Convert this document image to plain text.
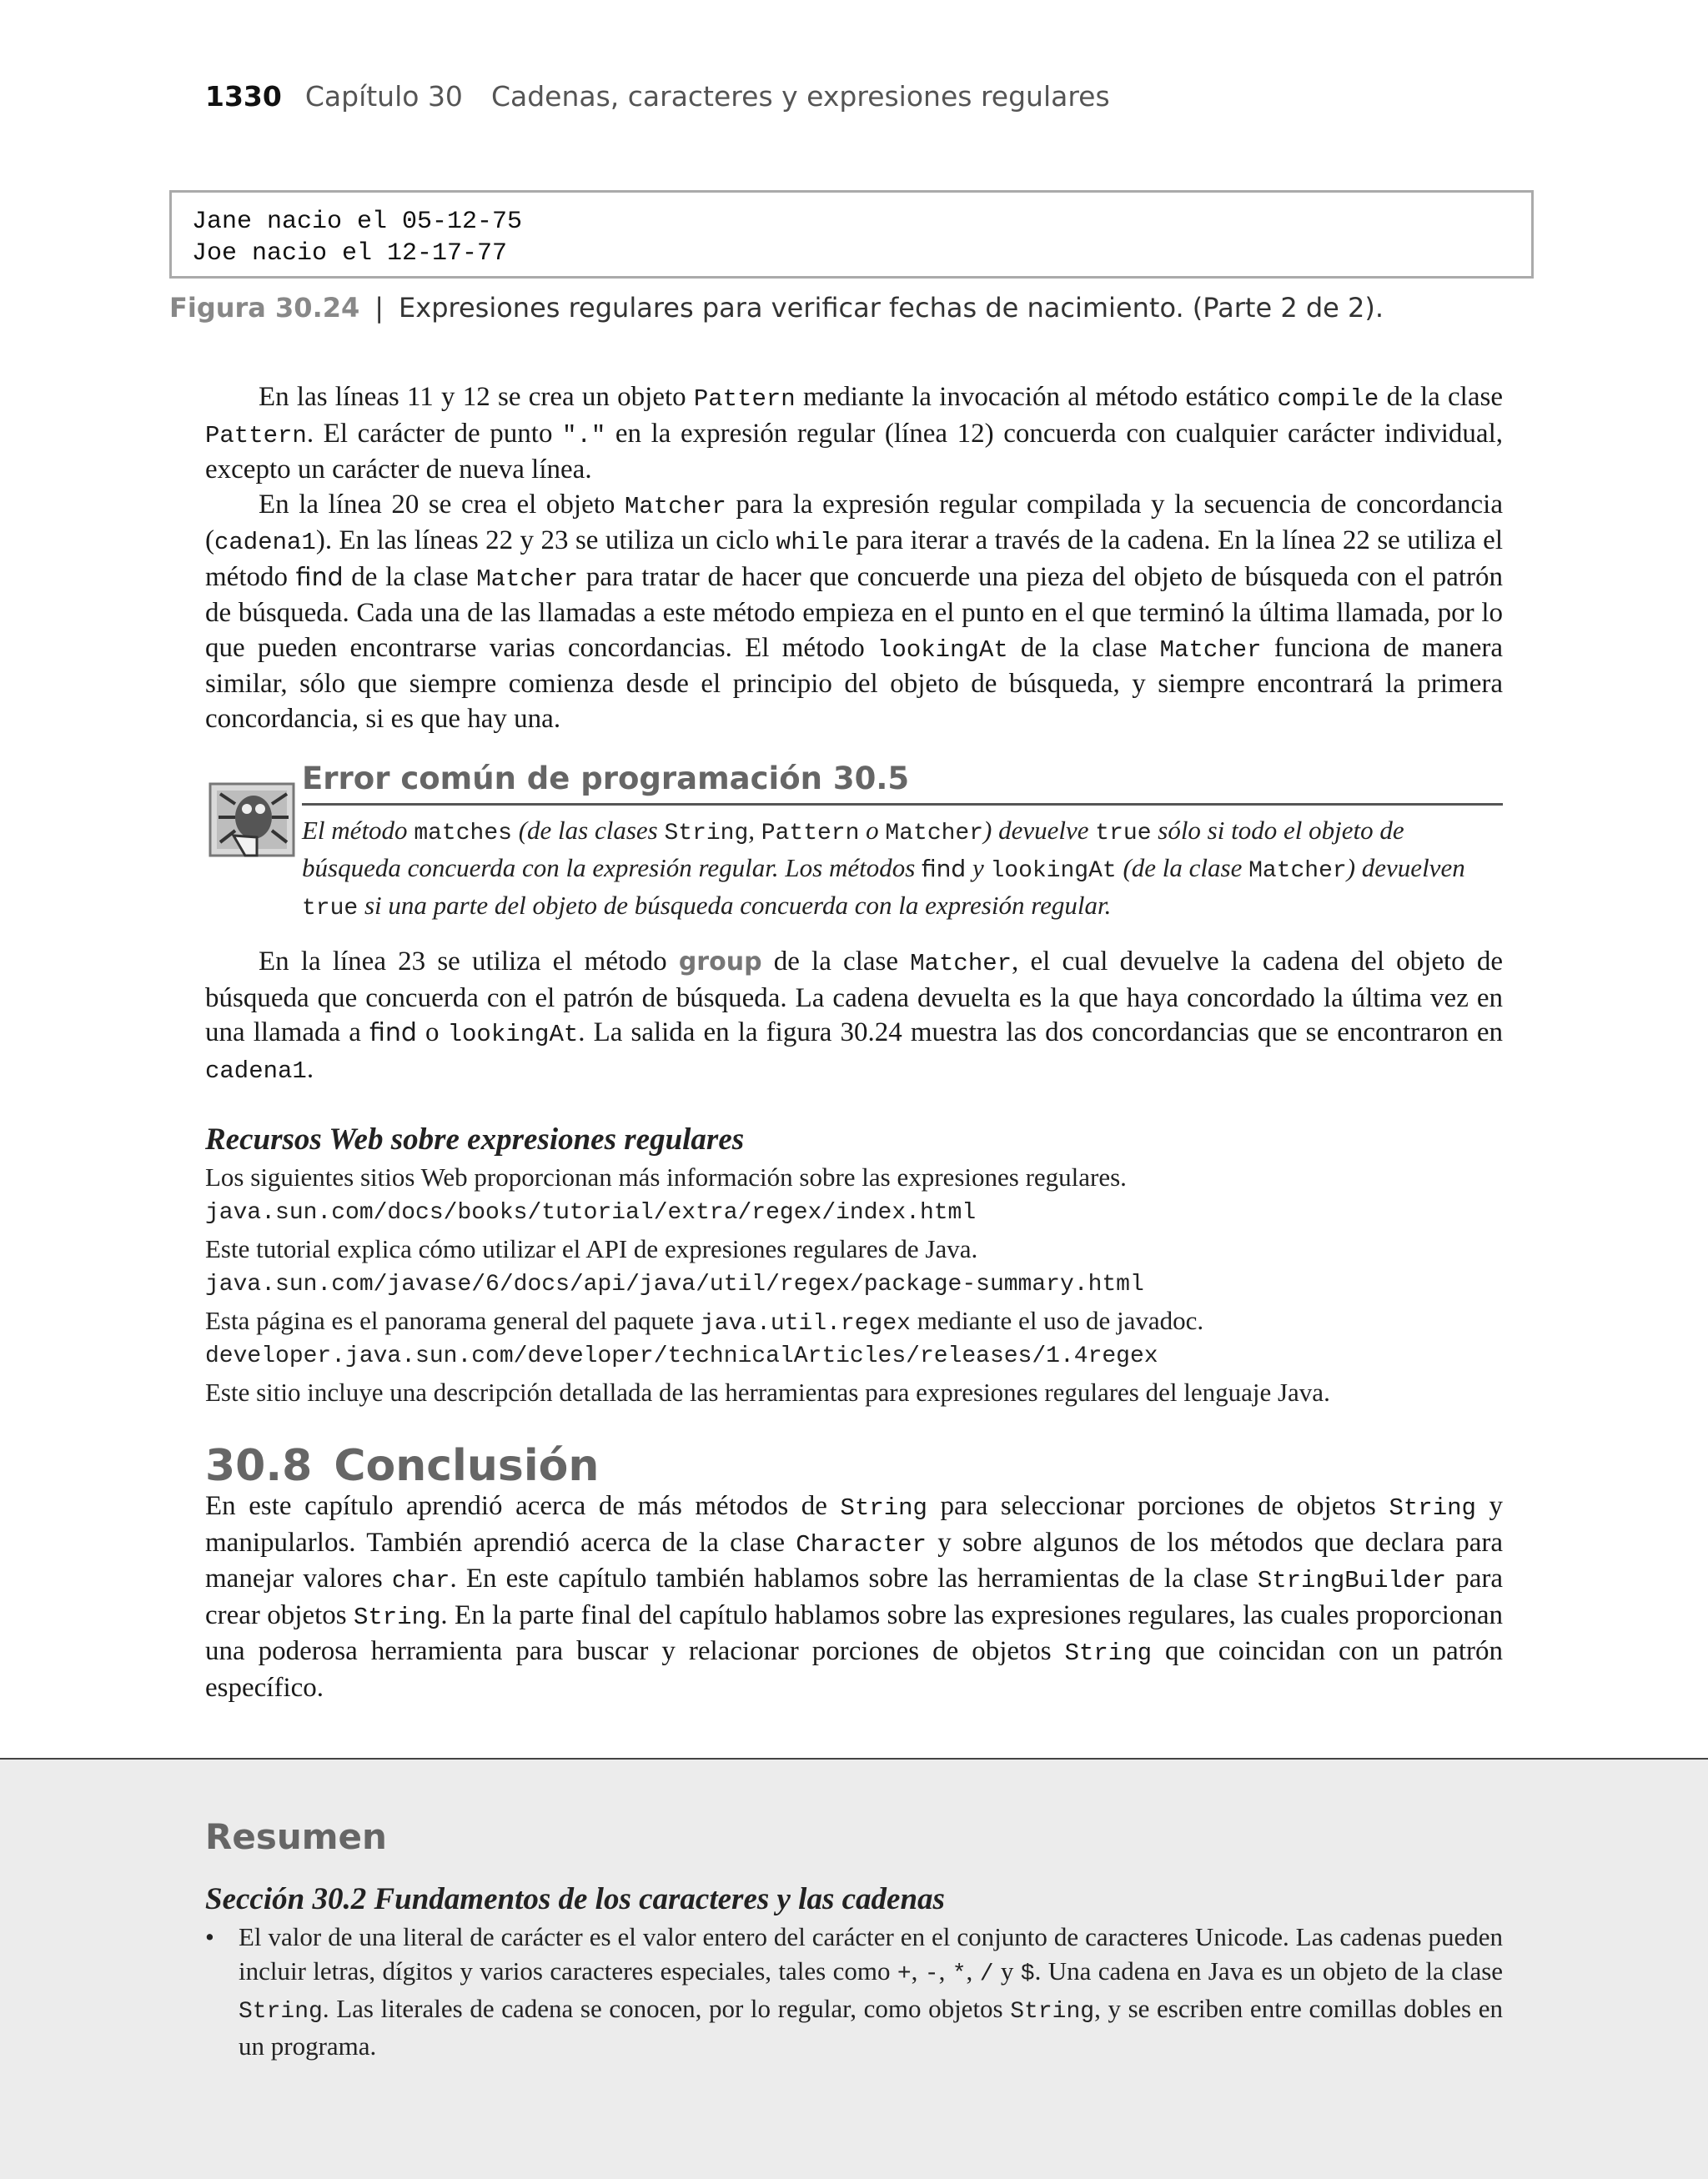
1330 Capítulo 30 Cadenas, caracteres y expresiones regulares
Jane nacio el 05-12-75
Joe nacio el 12-17-77
Figura 30.24 | Expresiones regulares para verificar fechas de nacimiento. (Parte 2 de 2).

En las líneas 11 y 12 se crea un objeto Pattern mediante la invocación al método estático compile de la clase Pattern. El carácter de punto "." en la expresión regular (línea 12) concuerda con cualquier carácter individual, excepto un carácter de nueva línea.

En la línea 20 se crea el objeto Matcher para la expresión regular compilada y la secuencia de concordancia (cadena1). En las líneas 22 y 23 se utiliza un ciclo while para iterar a través de la cadena. En la línea 22 se utiliza el método find de la clase Matcher para tratar de hacer que concuerde una pieza del objeto de búsqueda con el patrón de búsqueda. Cada una de las llamadas a este método empieza en el punto en el que terminó la última llamada, por lo que pueden encontrarse varias concordancias. El método lookingAt de la clase Matcher funciona de manera similar, sólo que siempre comienza desde el principio del objeto de búsqueda, y siempre encontrará la primera concordancia, si es que hay una.

Error común de programación 30.5

El método matches (de las clases String, Pattern o Matcher) devuelve true sólo si todo el objeto de búsqueda concuerda con la expresión regular. Los métodos find y lookingAt (de la clase Matcher) devuelven true si una parte del objeto de búsqueda concuerda con la expresión regular.

En la línea 23 se utiliza el método group de la clase Matcher, el cual devuelve la cadena del objeto de búsqueda que concuerda con el patrón de búsqueda. La cadena devuelta es la que haya concordado la última vez en una llamada a find o lookingAt. La salida en la figura 30.24 muestra las dos concordancias que se encontraron en cadena1.

Recursos Web sobre expresiones regulares
Los siguientes sitios Web proporcionan más información sobre las expresiones regulares.
java.sun.com/docs/books/tutorial/extra/regex/index.html
Este tutorial explica cómo utilizar el API de expresiones regulares de Java.
java.sun.com/javase/6/docs/api/java/util/regex/package-summary.html
Esta página es el panorama general del paquete java.util.regex mediante el uso de javadoc.
developer.java.sun.com/developer/technicalArticles/releases/1.4regex
Este sitio incluye una descripción detallada de las herramientas para expresiones regulares del lenguaje Java.
30.8 Conclusión

En este capítulo aprendió acerca de más métodos de String para seleccionar porciones de objetos String y manipularlos. También aprendió acerca de la clase Character y sobre algunos de los métodos que declara para manejar valores char. En este capítulo también hablamos sobre las herramientas de la clase StringBuilder para crear objetos String. En la parte final del capítulo hablamos sobre las expresiones regulares, las cuales proporcionan una poderosa herramienta para buscar y relacionar porciones de objetos String que coincidan con un patrón específico.

Resumen
Sección 30.2 Fundamentos de los caracteres y las cadenas
• El valor de una literal de carácter es el valor entero del carácter en el conjunto de caracteres Unicode. Las cadenas pueden incluir letras, dígitos y varios caracteres especiales, tales como +, -, *, / y $. Una cadena en Java es un objeto de la clase String. Las literales de cadena se conocen, por lo regular, como objetos String, y se escriben entre comillas dobles en un programa.
